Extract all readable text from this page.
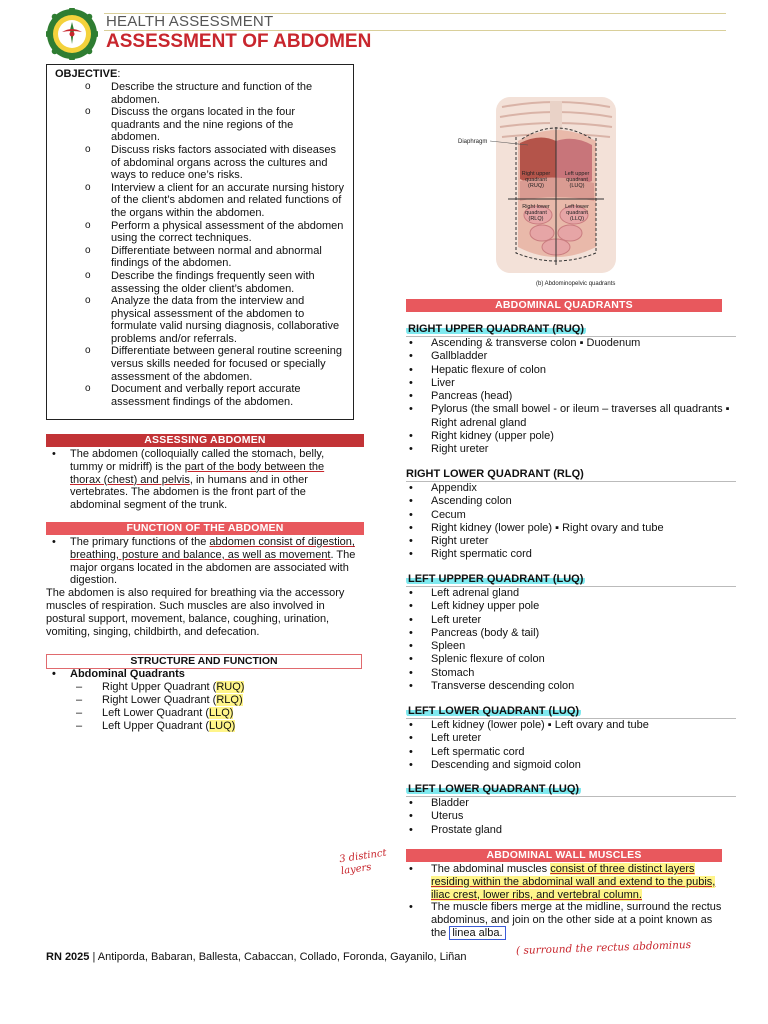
HEALTH ASSESSMENT
ASSESSMENT OF ABDOMEN
OBJECTIVE:
o Describe the structure and function of the abdomen.
o Discuss the organs located in the four quadrants and the nine regions of the abdomen.
o Discuss risks factors associated with diseases of abdominal organs across the cultures and ways to reduce one’s risks.
o Interview a client for an accurate nursing history of the client’s abdomen and related functions of the organs within the abdomen.
o Perform a physical assessment of the abdomen using the correct techniques.
o Differentiate between normal and abnormal findings of the abdomen.
o Describe the findings frequently seen with assessing the older client’s abdomen.
o Analyze the data from the interview and physical assessment of the abdomen to formulate valid nursing diagnosis, collaborative problems and/or referrals.
o Differentiate between general routine screening versus skills needed for focused or specially assessment of the abdomen.
o Document and verbally report accurate assessment findings of the abdomen.
ASSESSING ABDOMEN
• The abdomen (colloquially called the stomach, belly, tummy or midriff) is the part of the body between the thorax (chest) and pelvis, in humans and in other vertebrates. The abdomen is the front part of the abdominal segment of the trunk.
FUNCTION OF THE ABDOMEN
• The primary functions of the abdomen consist of digestion, breathing, posture and balance, as well as movement. The major organs located in the abdomen are associated with digestion.
The abdomen is also required for breathing via the accessory muscles of respiration. Such muscles are also involved in postural support, movement, balance, coughing, urination, vomiting, singing, childbirth, and defecation.
STRUCTURE AND FUNCTION
• Abdominal Quadrants
– Right Upper Quadrant (RUQ)
– Right Lower Quadrant (RLQ)
– Left Lower Quadrant (LLQ)
– Left Upper Quadrant (LUQ)
Diaphragm
Right upper quadrant (RUQ)
Left upper quadrant (LUQ)
Right lower quadrant (RLQ)
Left lower quadrant (LLQ)
(b) Abdominopelvic quadrants
ABDOMINAL QUADRANTS
RIGHT UPPER QUADRANT (RUQ)
• Ascending & transverse colon ▪ Duodenum
• Gallbladder
• Hepatic flexure of colon
• Liver
• Pancreas (head)
• Pylorus (the small bowel - or ileum – traverses all quadrants ▪ Right adrenal gland
• Right kidney (upper pole)
• Right ureter
RIGHT LOWER QUADRANT (RLQ)
• Appendix
• Ascending colon
• Cecum
• Right kidney (lower pole) ▪ Right ovary and tube
• Right ureter
• Right spermatic cord
LEFT UPPPER QUADRANT (LUQ)
• Left adrenal gland
• Left kidney upper pole
• Left ureter
• Pancreas (body & tail)
• Spleen
• Splenic flexure of colon
• Stomach
• Transverse descending colon
LEFT LOWER QUADRANT (LUQ)
• Left kidney (lower pole) ▪ Left ovary and tube
• Left ureter
• Left spermatic cord
• Descending and sigmoid colon
LEFT LOWER QUADRANT (LUQ)
• Bladder
• Uterus
• Prostate gland
ABDOMINAL WALL MUSCLES
• The abdominal muscles consist of three distinct layers residing within the abdominal wall and extend to the pubis, iliac crest, lower ribs, and vertebral column.
• The muscle fibers merge at the midline, surround the rectus abdominus, and join on the other side at a point known as the linea alba.
3 distinct layers
( surround the rectus abdominus
RN 2025 | Antiporda, Babaran, Ballesta, Cabaccan, Collado, Foronda, Gayanilo, Liñan
